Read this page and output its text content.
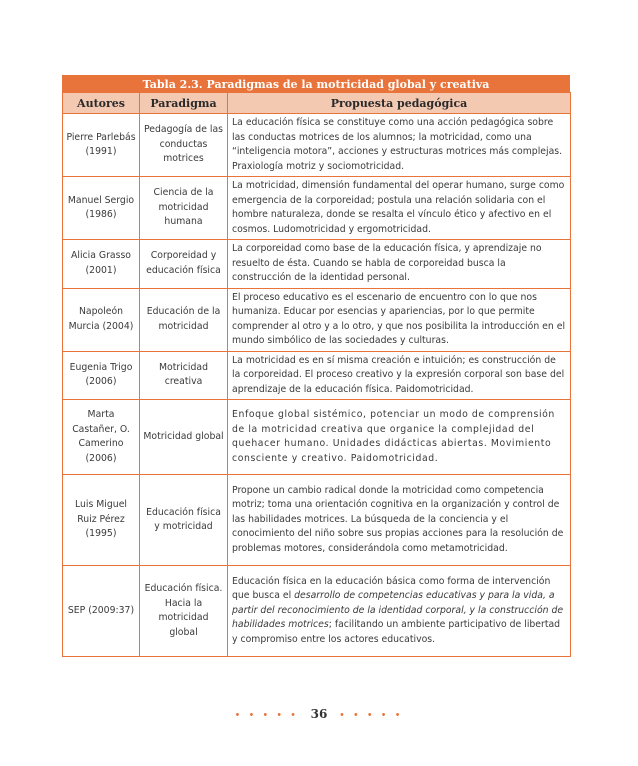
Tabla 2.3. Paradigmas de la motricidad global y creativa
Autores	Paradigma	Propuesta pedagógica
Pierre Parlebás (1991)	Pedagogía de las conductas motrices	La educación física se constituye como una acción pedagógica sobre las conductas motrices de los alumnos; la motricidad, como una “inteligencia motora”, acciones y estructuras motrices más complejas. Praxiología motriz y sociomotricidad.
Manuel Sergio (1986)	Ciencia de la motricidad humana	La motricidad, dimensión fundamental del operar humano, surge como emergencia de la corporeidad; postula una relación solidaria con el hombre naturaleza, donde se resalta el vínculo ético y afectivo en el cosmos. Ludomotricidad y ergomotricidad.
Alicia Grasso (2001)	Corporeidad y educación física	La corporeidad como base de la educación física, y aprendizaje no resuelto de ésta. Cuando se habla de corporeidad busca la construcción de la identidad personal.
Napoleón Murcia (2004)	Educación de la motricidad	El proceso educativo es el escenario de encuentro con lo que nos humaniza. Educar por esencias y apariencias, por lo que permite comprender al otro y a lo otro, y que nos posibilita la introducción en el mundo simbólico de las sociedades y culturas.
Eugenia Trigo (2006)	Motricidad creativa	La motricidad es en sí misma creación e intuición; es construcción de la corporeidad. El proceso creativo y la expresión corporal son base del aprendizaje de la educación física. Paidomotricidad.
Marta Castañer, O. Camerino (2006)	Motricidad global	Enfoque global sistémico, potenciar un modo de comprensión de la motricidad creativa que organice la complejidad del quehacer humano. Unidades didácticas abiertas. Movimiento consciente y creativo. Paidomotricidad.
Luis Miguel Ruiz Pérez (1995)	Educación física y motricidad	Propone un cambio radical donde la motricidad como competencia motriz; toma una orientación cognitiva en la organización y control de las habilidades motrices. La búsqueda de la conciencia y el conocimiento del niño sobre sus propias acciones para la resolución de problemas motores, considerándola como metamotricidad.
SEP (2009:37)	Educación física. Hacia la motricidad global	Educación física en la educación básica como forma de intervención que busca el desarrollo de competencias educativas y para la vida, a partir del reconocimiento de la identidad corporal, y la construcción de habilidades motrices; facilitando un ambiente participativo de libertad y compromiso entre los actores educativos.
• • • • • 36 • • • • •
